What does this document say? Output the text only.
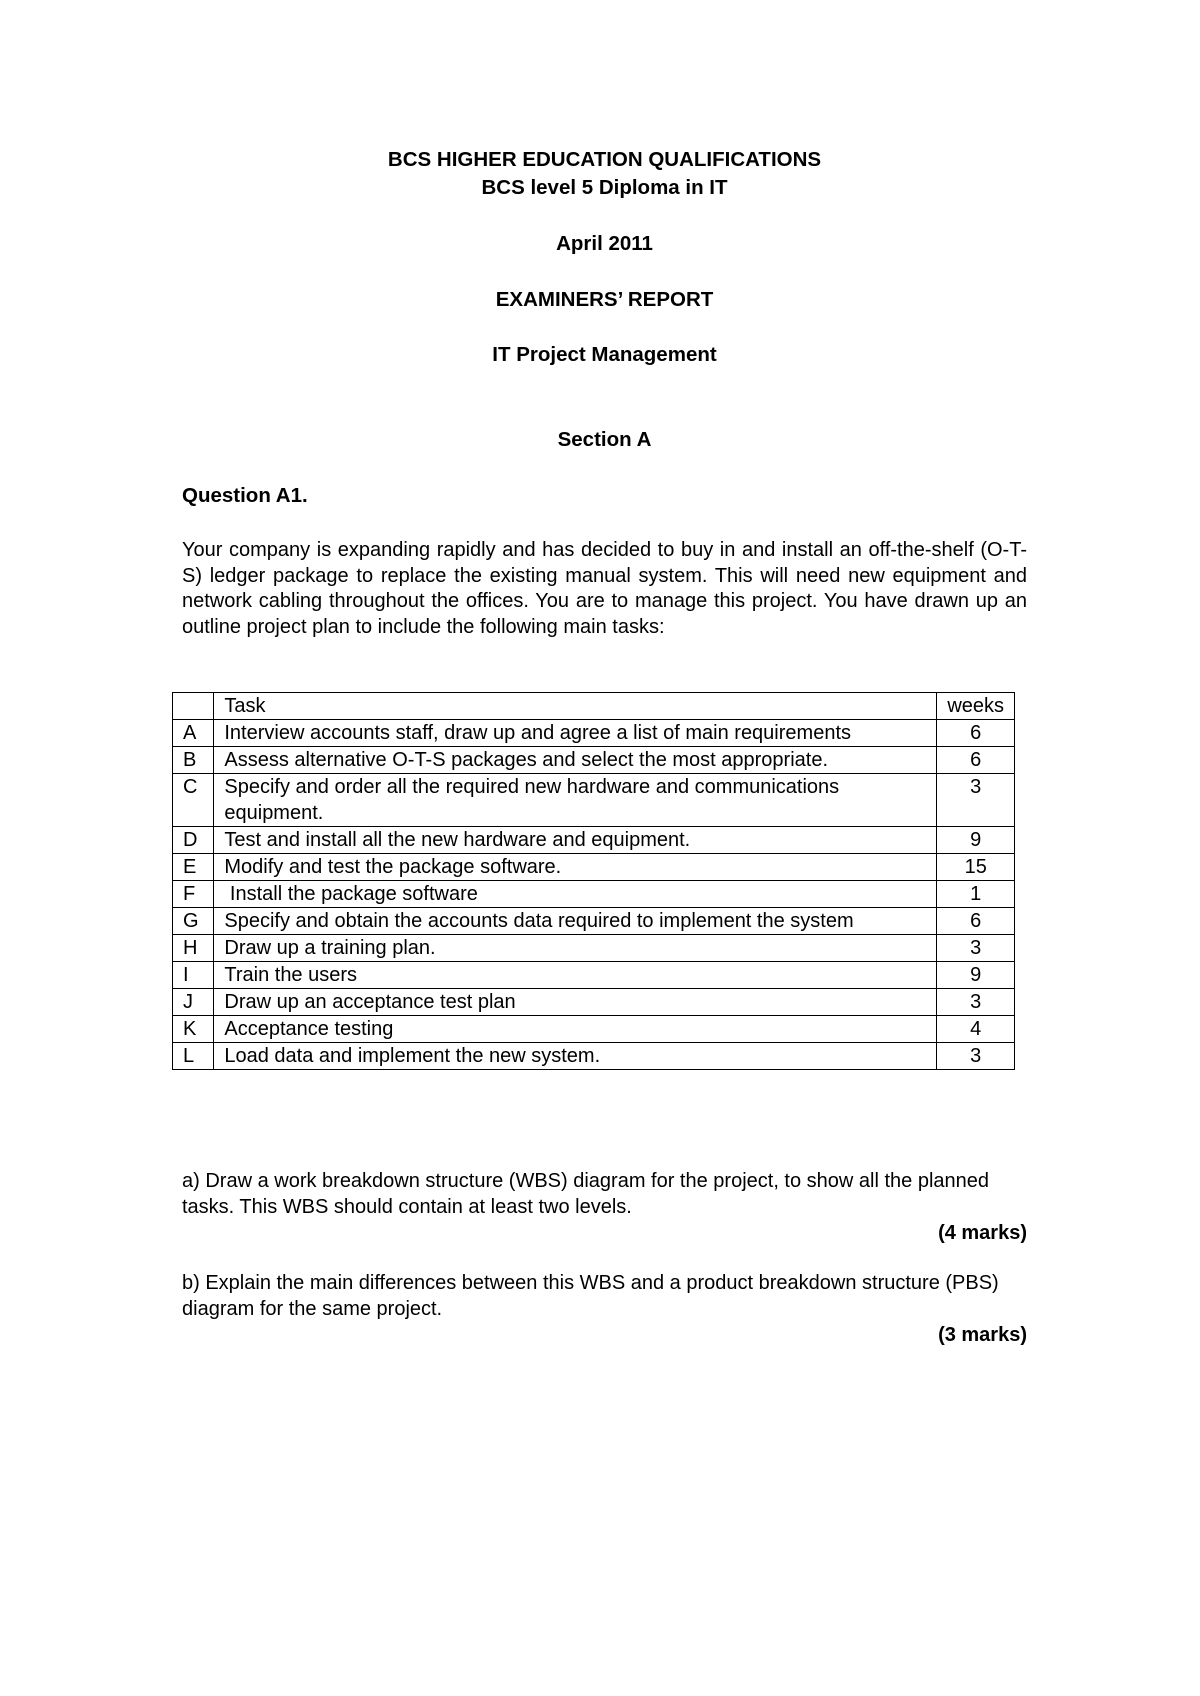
BCS HIGHER EDUCATION QUALIFICATIONS
BCS level 5 Diploma in IT
April 2011
EXAMINERS’ REPORT
IT Project Management
Section A
Question A1.
Your company is expanding rapidly and has decided to buy in and install an off-the-shelf (O-T-S) ledger package to replace the existing manual system. This will need new equipment and network cabling throughout the offices. You are to manage this project. You have drawn up an outline project plan to include the following main tasks:
	Task	weeks
A	Interview accounts staff, draw up and agree a list of main requirements	6
B	Assess alternative O-T-S packages and select the most appropriate.	6
C	Specify and order all the required new hardware and communications equipment.	3
D	Test and install all the new hardware and equipment.	9
E	Modify and test the package software.	15
F	Install the package software	1
G	Specify and obtain the accounts data required to implement the system	6
H	Draw up a training plan.	3
I	Train the users	9
J	Draw up an acceptance test plan	3
K	Acceptance testing	4
L	Load data and implement the new system.	3
a) Draw a work breakdown structure (WBS) diagram for the project, to show all the planned tasks. This WBS should contain at least two levels.
(4 marks)
b) Explain the main differences between this WBS and a product breakdown structure (PBS) diagram for the same project.
(3 marks)
